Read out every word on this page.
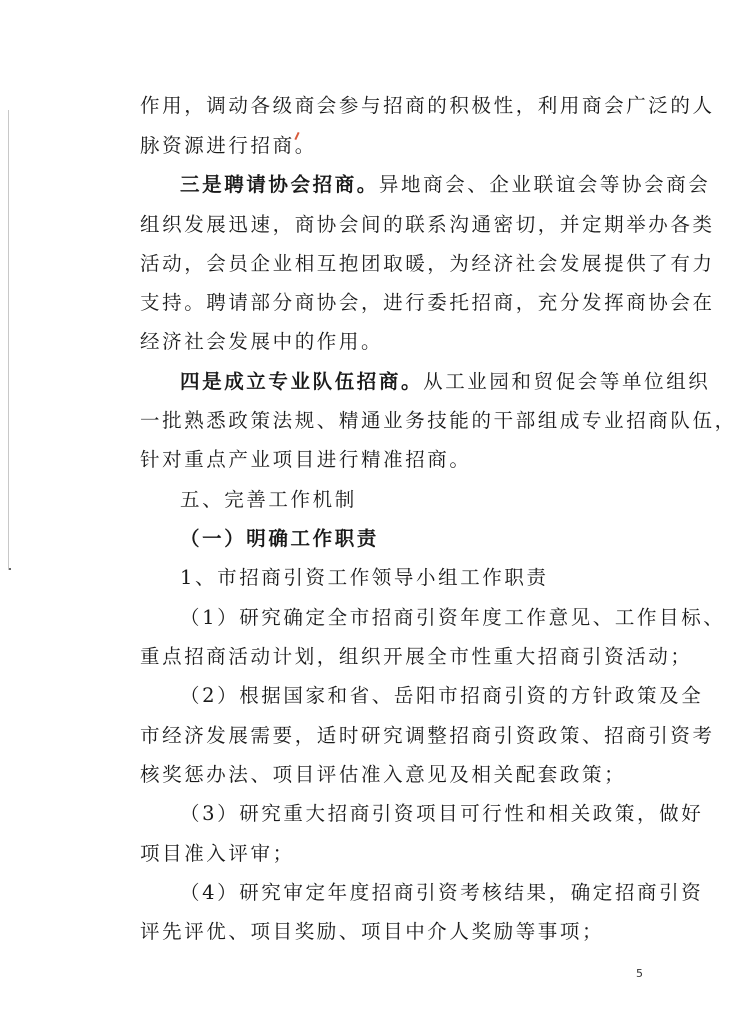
作用，调动各级商会参与招商的积极性，利用商会广泛的人
脉资源进行招商。
三是聘请协会招商。异地商会、企业联谊会等协会商会
组织发展迅速，商协会间的联系沟通密切，并定期举办各类
活动，会员企业相互抱团取暖，为经济社会发展提供了有力
支持。聘请部分商协会，进行委托招商，充分发挥商协会在
经济社会发展中的作用。
四是成立专业队伍招商。从工业园和贸促会等单位组织
一批熟悉政策法规、精通业务技能的干部组成专业招商队伍，
针对重点产业项目进行精准招商。
五、完善工作机制
（一）明确工作职责
1、市招商引资工作领导小组工作职责
（1）研究确定全市招商引资年度工作意见、工作目标、
重点招商活动计划，组织开展全市性重大招商引资活动；
（2）根据国家和省、岳阳市招商引资的方针政策及全
市经济发展需要，适时研究调整招商引资政策、招商引资考
核奖惩办法、项目评估准入意见及相关配套政策；
（3）研究重大招商引资项目可行性和相关政策，做好
项目准入评审；
（4）研究审定年度招商引资考核结果，确定招商引资
评先评优、项目奖励、项目中介人奖励等事项；
5
